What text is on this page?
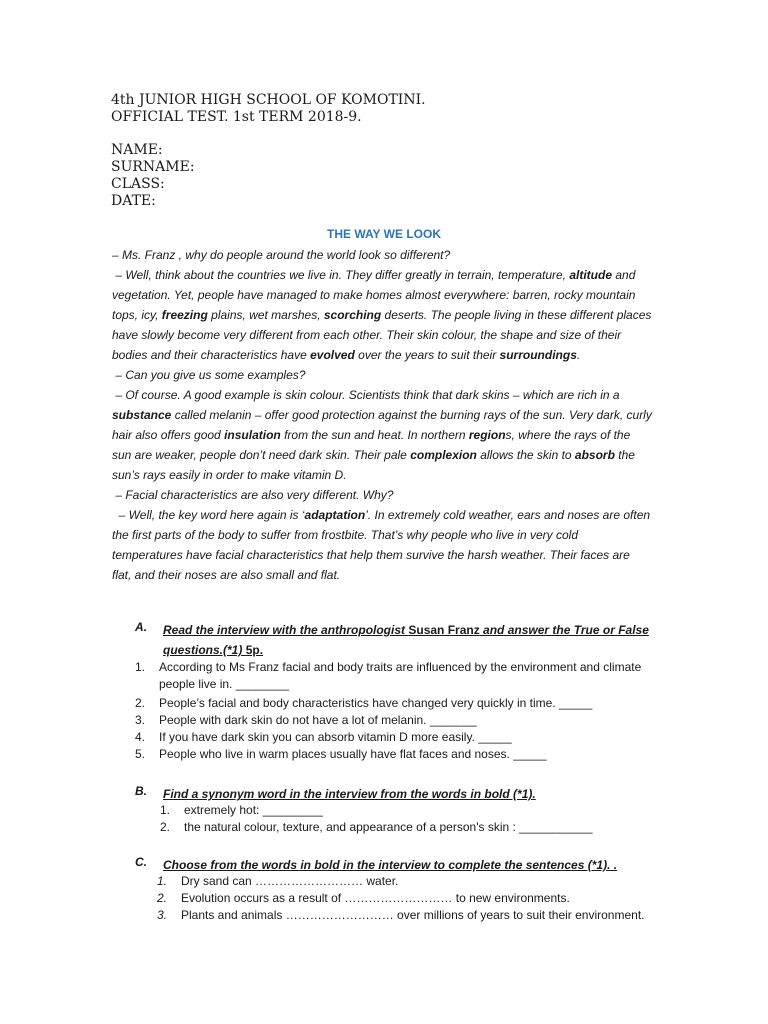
4th JUNIOR HIGH SCHOOL OF KOMOTINI.
OFFICIAL TEST. 1st TERM 2018-9.
NAME:
SURNAME:
CLASS:
DATE:
THE WAY WE LOOK

– Ms. Franz , why do people around the world look so different?

– Well, think about the countries we live in. They differ greatly in terrain, temperature, altitude and vegetation. Yet, people have managed to make homes almost everywhere: barren, rocky mountain tops, icy, freezing plains, wet marshes, scorching deserts. The people living in these different places have slowly become very different from each other. Their skin colour, the shape and size of their bodies and their characteristics have evolved over the years to suit their surroundings.

– Can you give us some examples?

– Of course. A good example is skin colour. Scientists think that dark skins – which are rich in a substance called melanin – offer good protection against the burning rays of the sun. Very dark, curly hair also offers good insulation from the sun and heat. In northern regions, where the rays of the sun are weaker, people don’t need dark skin. Their pale complexion allows the skin to absorb the sun’s rays easily in order to make vitamin D.

– Facial characteristics are also very different. Why?

– Well, the key word here again is ‘adaptation’. In extremely cold weather, ears and noses are often the first parts of the body to suffer from frostbite. That’s why people who live in very cold temperatures have facial characteristics that help them survive the harsh weather. Their faces are flat, and their noses are also small and flat.

A. Read the interview with the anthropologist Susan Franz and answer the True or False questions.(*1) 5p.
1. According to Ms Franz facial and body traits are influenced by the environment and climate people live in. ________
2. People’s facial and body characteristics have changed very quickly in time. _____
3. People with dark skin do not have a lot of melanin. _______
4. If you have dark skin you can absorb vitamin D more easily. _____
5. People who live in warm places usually have flat faces and noses. _____
B. Find a synonym word in the interview from the words in bold (*1).
1. extremely hot: _________
2. the natural colour, texture, and appearance of a person's skin : ___________
C. Choose from the words in bold in the interview to complete the sentences (*1). .
1. Dry sand can ……………………… water.
2. Evolution occurs as a result of ……………………… to new environments.
3. Plants and animals ……………………… over millions of years to suit their environment.
